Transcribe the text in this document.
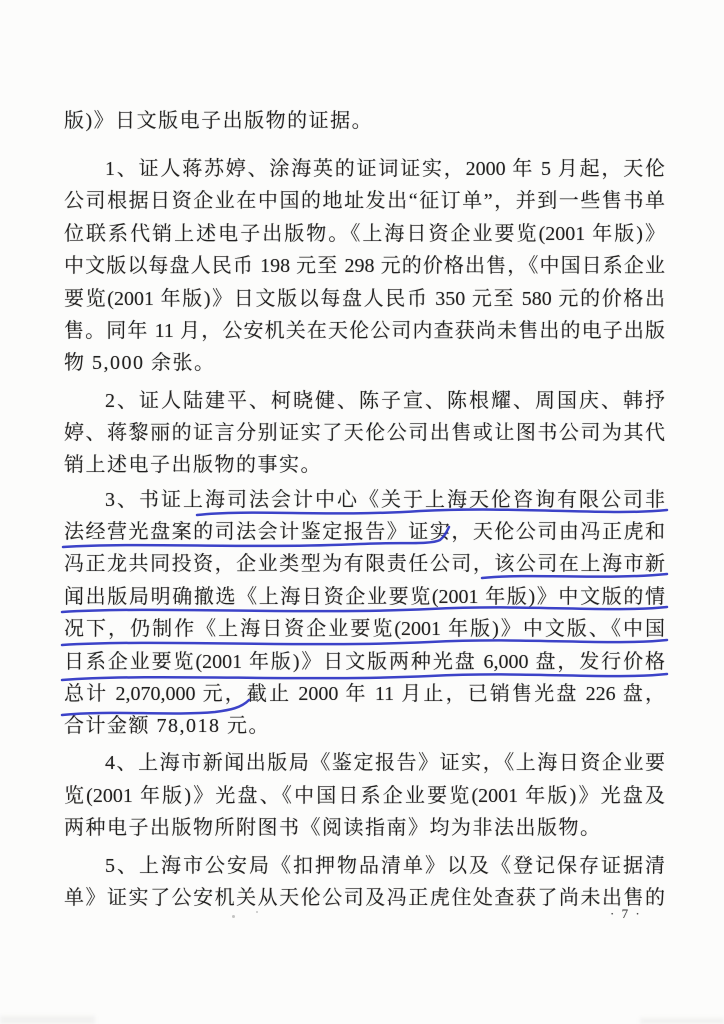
版)》日文版电子出版物的证据。
1、证人蒋苏婷、涂海英的证词证实，2000 年 5 月起，天伦
公司根据日资企业在中国的地址发出“征订单”，并到一些售书单
位联系代销上述电子出版物。《上海日资企业要览(2001 年版)》
中文版以每盘人民币 198 元至 298 元的价格出售，《中国日系企业
要览(2001 年版)》日文版以每盘人民币 350 元至 580 元的价格出
售。同年 11 月，公安机关在天伦公司内查获尚未售出的电子出版
物 5,000 余张。
2、证人陆建平、柯晓健、陈子宣、陈根耀、周国庆、韩抒
婷、蒋黎丽的证言分别证实了天伦公司出售或让图书公司为其代
销上述电子出版物的事实。
3、书证上海司法会计中心《关于上海天伦咨询有限公司非
法经营光盘案的司法会计鉴定报告》证实，天伦公司由冯正虎和
冯正龙共同投资，企业类型为有限责任公司，该公司在上海市新
闻出版局明确撤选《上海日资企业要览(2001 年版)》中文版的情
况下，仍制作《上海日资企业要览(2001 年版)》中文版、《中国
日系企业要览(2001 年版)》日文版两种光盘 6,000 盘，发行价格
总计 2,070,000 元，截止 2000 年 11 月止，已销售光盘 226 盘，
合计金额 78,018 元。
4、上海市新闻出版局《鉴定报告》证实，《上海日资企业要
览(2001 年版)》光盘、《中国日系企业要览(2001 年版)》光盘及
两种电子出版物所附图书《阅读指南》均为非法出版物。
5、上海市公安局《扣押物品清单》以及《登记保存证据清
单》证实了公安机关从天伦公司及冯正虎住处查获了尚未出售的
· 7 ·
